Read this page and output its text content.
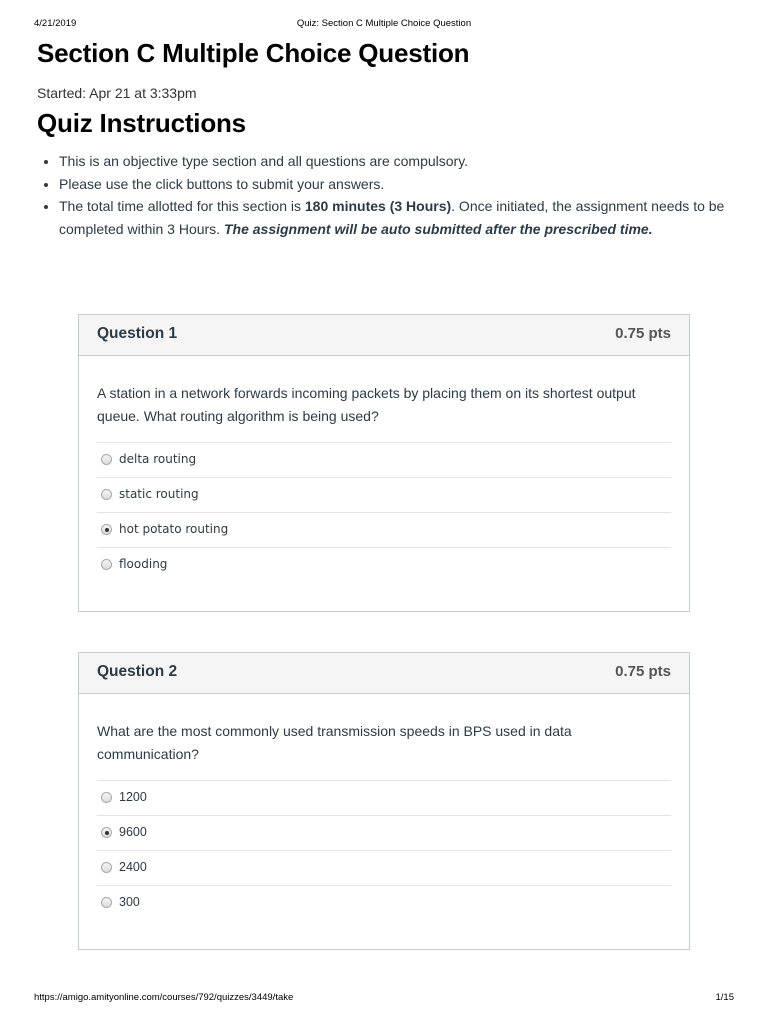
4/21/2019	Quiz: Section C Multiple Choice Question
Section C Multiple Choice Question
Started: Apr 21 at 3:33pm
Quiz Instructions
• This is an objective type section and all questions are compulsory.
• Please use the click buttons to submit your answers.
• The total time allotted for this section is 180 minutes (3 Hours). Once initiated, the assignment needs to be completed within 3 Hours. The assignment will be auto submitted after the prescribed time.
Question 1	0.75 pts
A station in a network forwards incoming packets by placing them on its shortest output queue. What routing algorithm is being used?
delta routing
static routing
hot potato routing
flooding
Question 2	0.75 pts
What are the most commonly used transmission speeds in BPS used in data communication?
1200
9600
2400
300
https://amigo.amityonline.com/courses/792/quizzes/3449/take	1/15
